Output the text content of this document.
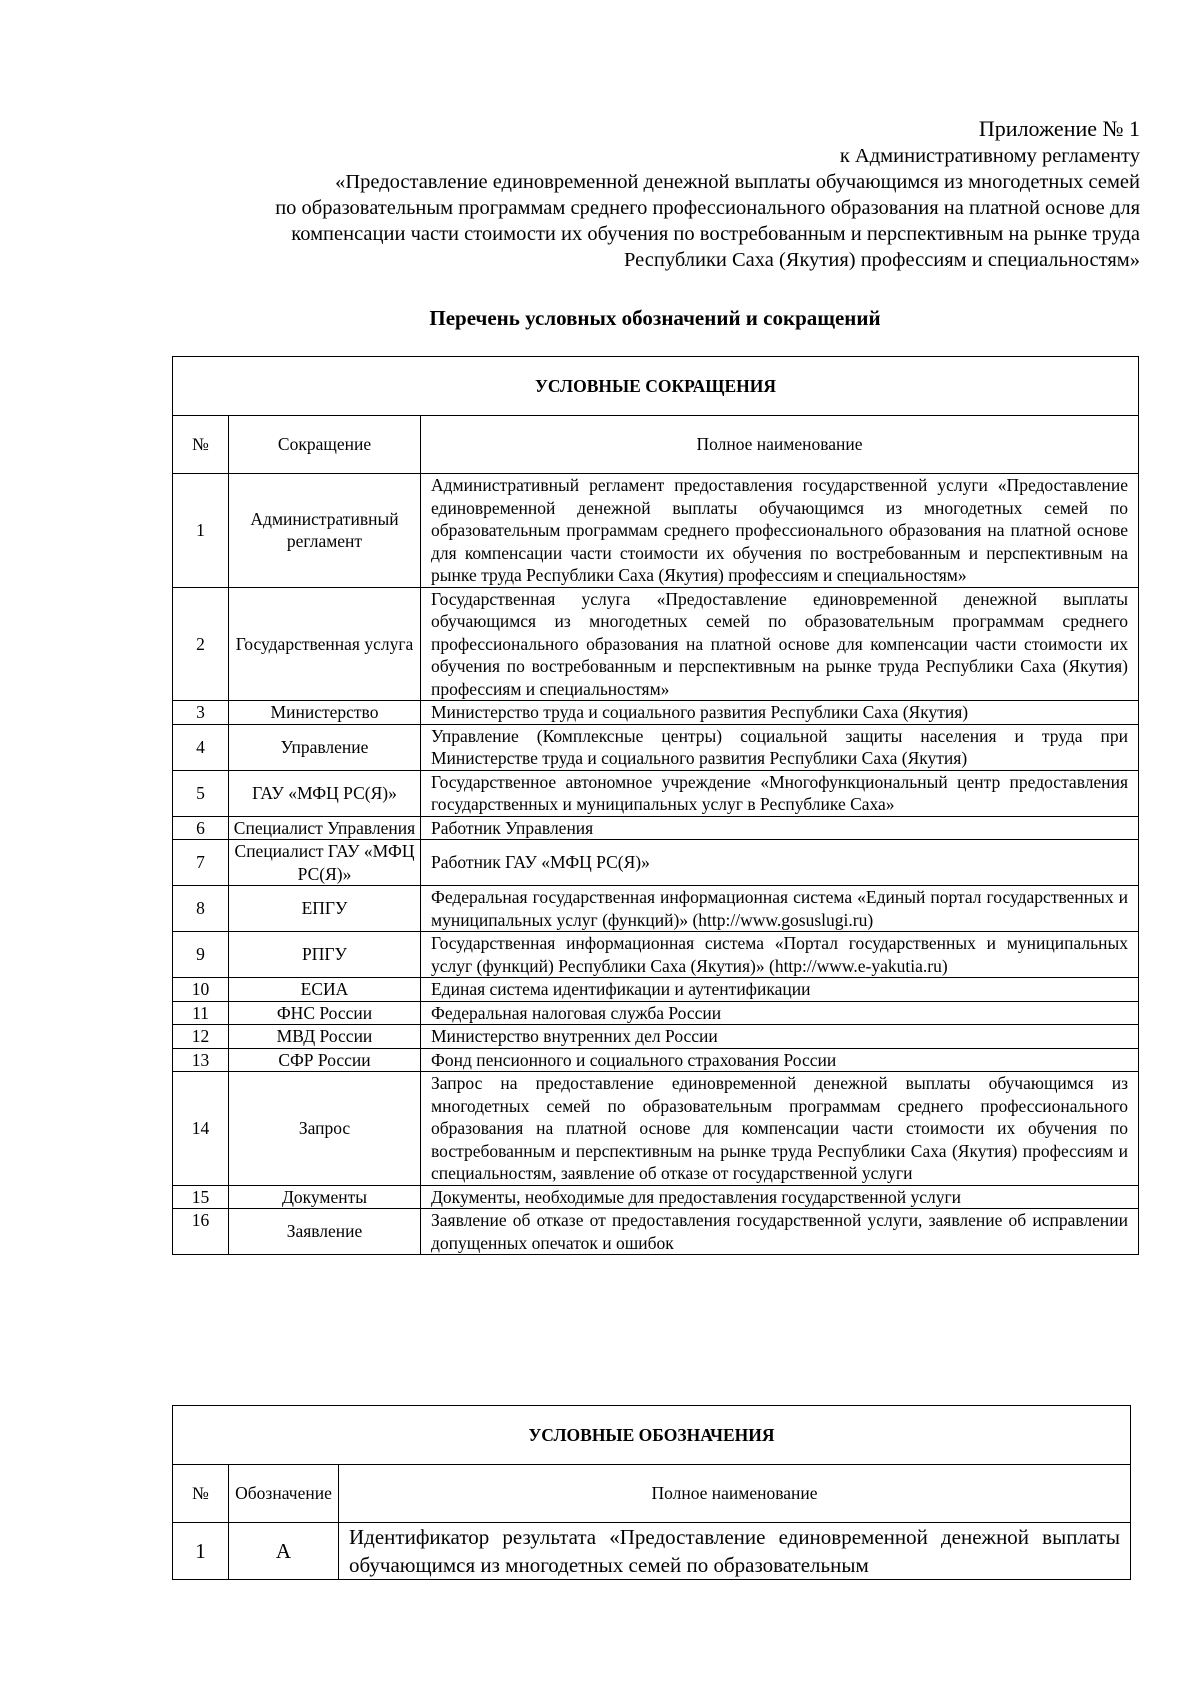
Приложение № 1
к Административному регламенту
«Предоставление единовременной денежной выплаты обучающимся из многодетных семей
по образовательным программам среднего профессионального образования на платной основе для
компенсации части стоимости их обучения по востребованным и перспективным на рынке труда
Республики Саха (Якутия) профессиям и специальностям»
Перечень условных обозначений и сокращений
УСЛОВНЫЕ СОКРАЩЕНИЯ		
№	Сокращение	Полное наименование
1	Административный регламент	Административный регламент предоставления государственной услуги «Предоставление единовременной денежной выплаты обучающимся из многодетных семей по образовательным программам среднего профессионального образования на платной основе для компенсации части стоимости их обучения по востребованным и перспективным на рынке труда Республики Саха (Якутия) профессиям и специальностям»
2	Государственная услуга	Государственная услуга «Предоставление единовременной денежной выплаты обучающимся из многодетных семей по образовательным программам среднего профессионального образования на платной основе для компенсации части стоимости их обучения по востребованным и перспективным на рынке труда Республики Саха (Якутия) профессиям и специальностям»
3	Министерство	Министерство труда и социального развития Республики Саха (Якутия)
4	Управление	Управление (Комплексные центры) социальной защиты населения и труда при Министерстве труда и социального развития Республики Саха (Якутия)
5	ГАУ «МФЦ РС(Я)»	Государственное автономное учреждение «Многофункциональный центр предоставления государственных и муниципальных услуг в Республике Саха»
6	Специалист Управления	Работник Управления
7	Специалист ГАУ «МФЦ РС(Я)»	Работник ГАУ «МФЦ РС(Я)»
8	ЕПГУ	Федеральная государственная информационная система «Единый портал государственных и муниципальных услуг (функций)» (http://www.gosuslugi.ru)
9	РПГУ	Государственная информационная система «Портал государственных и муниципальных услуг (функций) Республики Саха (Якутия)» (http://www.e-yakutia.ru)
10	ЕСИА	Единая система идентификации и аутентификации
11	ФНС России	Федеральная налоговая служба России
12	МВД России	Министерство внутренних дел России
13	СФР России	Фонд пенсионного и социального страхования России
14	Запрос	Запрос на предоставление единовременной денежной выплаты обучающимся из многодетных семей по образовательным программам среднего профессионального образования на платной основе для компенсации части стоимости их обучения по востребованным и перспективным на рынке труда Республики Саха (Якутия) профессиям и специальностям, заявление об отказе от государственной услуги
15	Документы	Документы, необходимые для предоставления государственной услуги
16	Заявление	Заявление об отказе от предоставления государственной услуги, заявление об исправлении допущенных опечаток и ошибок
УСЛОВНЫЕ ОБОЗНАЧЕНИЯ		
№	Обозначение	Полное наименование
1	А	Идентификатор результата «Предоставление единовременной денежной выплаты обучающимся из многодетных семей по образовательным
